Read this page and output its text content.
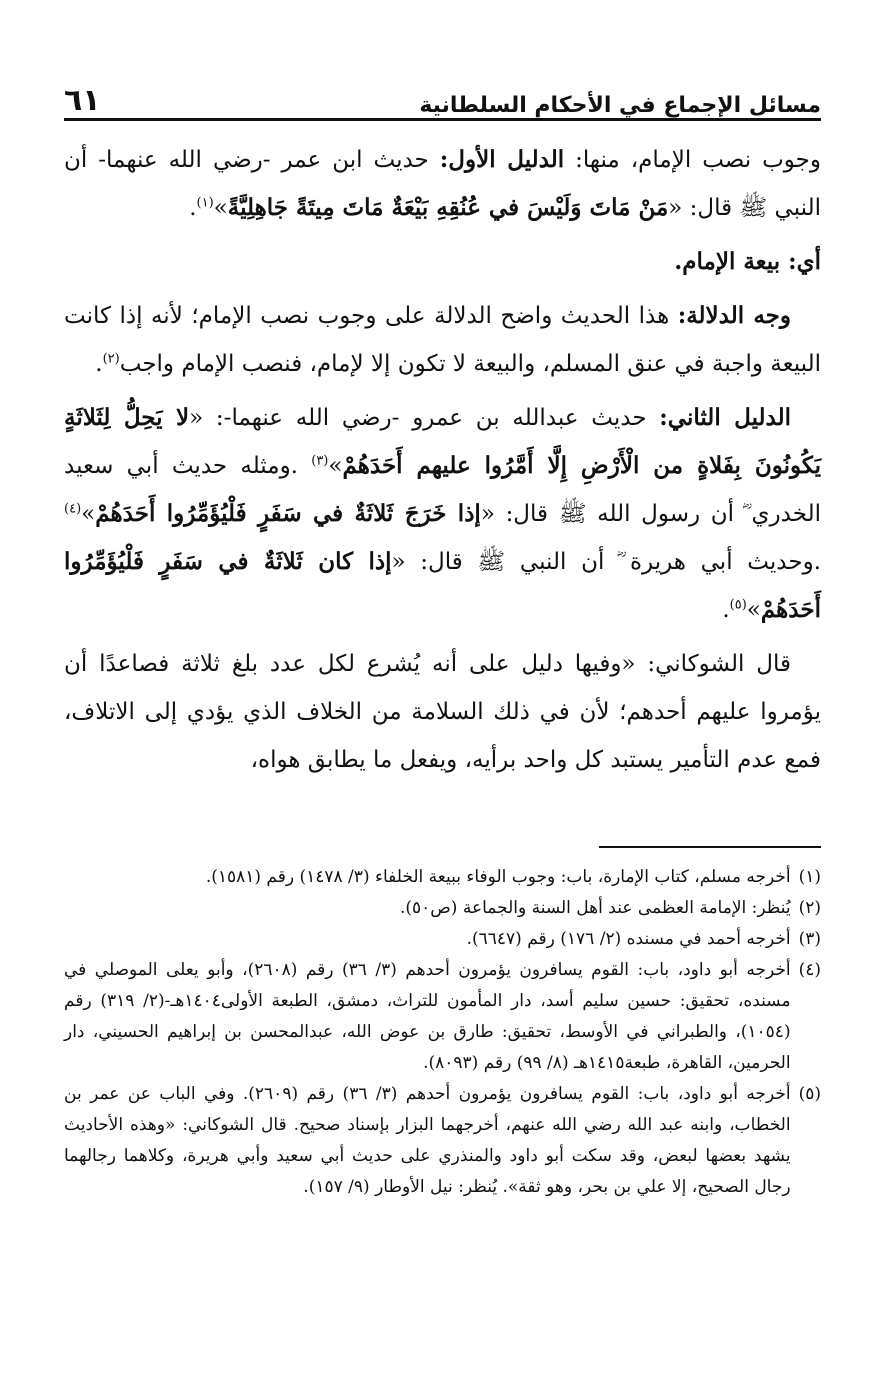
مسائل الإجماع في الأحكام السلطانية
٦١

وجوب نصب الإمام، منها: الدليل الأول: حديث ابن عمر -رضي الله عنهما- أن النبي ﷺ قال: «مَنْ مَاتَ وَلَيْسَ في عُنُقِهِ بَيْعَةٌ مَاتَ مِيتَةً جَاهِلِيَّةً»$^{(١)}$.

أي: بيعة الإمام.

وجه الدلالة: هذا الحديث واضح الدلالة على وجوب نصب الإمام؛ لأنه إذا كانت البيعة واجبة في عنق المسلم، والبيعة لا تكون إلا لإمام، فنصب الإمام واجب$^{(٢)}$.

الدليل الثاني: حديث عبدالله بن عمرو -رضي الله عنهما-: «لا يَحِلُّ لِثَلاثَةٍ يَكُونُونَ بِفَلاةٍ من الْأَرْضِ إِلَّا أَمَّرُوا عليهم أَحَدَهُمْ»$^{(٣)}$ .ومثله حديث أبي سعيد الخدري ؓ أن رسول الله ﷺ قال: «إذا خَرَجَ ثَلاثَةٌ في سَفَرٍ فَلْيُؤَمِّرُوا أَحَدَهُمْ»$^{(٤)}$ .وحديث أبي هريرة ؓ أن النبي ﷺ قال: «إذا كان ثَلاثَةٌ في سَفَرٍ فَلْيُؤَمِّرُوا أَحَدَهُمْ»$^{(٥)}$.

قال الشوكاني: «وفيها دليل على أنه يُشرع لكل عدد بلغ ثلاثة فصاعدًا أن يؤمروا عليهم أحدهم؛ لأن في ذلك السلامة من الخلاف الذي يؤدي إلى الاتلاف، فمع عدم التأمير يستبد كل واحد برأيه، ويفعل ما يطابق هواه،

(١)
أخرجه مسلم، كتاب الإمارة، باب: وجوب الوفاء ببيعة الخلفاء (٣/ ١٤٧٨) رقم (١٥٨١).
(٢)
يُنظر: الإمامة العظمى عند أهل السنة والجماعة (ص٥٠).
(٣)
أخرجه أحمد في مسنده (٢/ ١٧٦) رقم (٦٦٤٧).
(٤)
أخرجه أبو داود، باب: القوم يسافرون يؤمرون أحدهم (٣/ ٣٦) رقم (٢٦٠٨)، وأبو يعلى الموصلي في مسنده، تحقيق: حسين سليم أسد، دار المأمون للتراث، دمشق، الطبعة الأولى١٤٠٤هـ-(٢/ ٣١٩) رقم (١٠٥٤)، والطبراني في الأوسط، تحقيق: طارق بن عوض الله، عبدالمحسن بن إبراهيم الحسيني، دار الحرمين، القاهرة، طبعة١٤١٥هـ (٨/ ٩٩) رقم (٨٠٩٣).
(٥)
أخرجه أبو داود، باب: القوم يسافرون يؤمرون أحدهم (٣/ ٣٦) رقم (٢٦٠٩). وفي الباب عن عمر بن الخطاب، وابنه عبد الله رضي الله عنهم، أخرجهما البزار بإسناد صحيح. قال الشوكاني: «وهذه الأحاديث يشهد بعضها لبعض، وقد سكت أبو داود والمنذري على حديث أبي سعيد وأبي هريرة، وكلاهما رجالهما رجال الصحيح، إلا علي بن بحر، وهو ثقة». يُنظر: نيل الأوطار (٩/ ١٥٧).
